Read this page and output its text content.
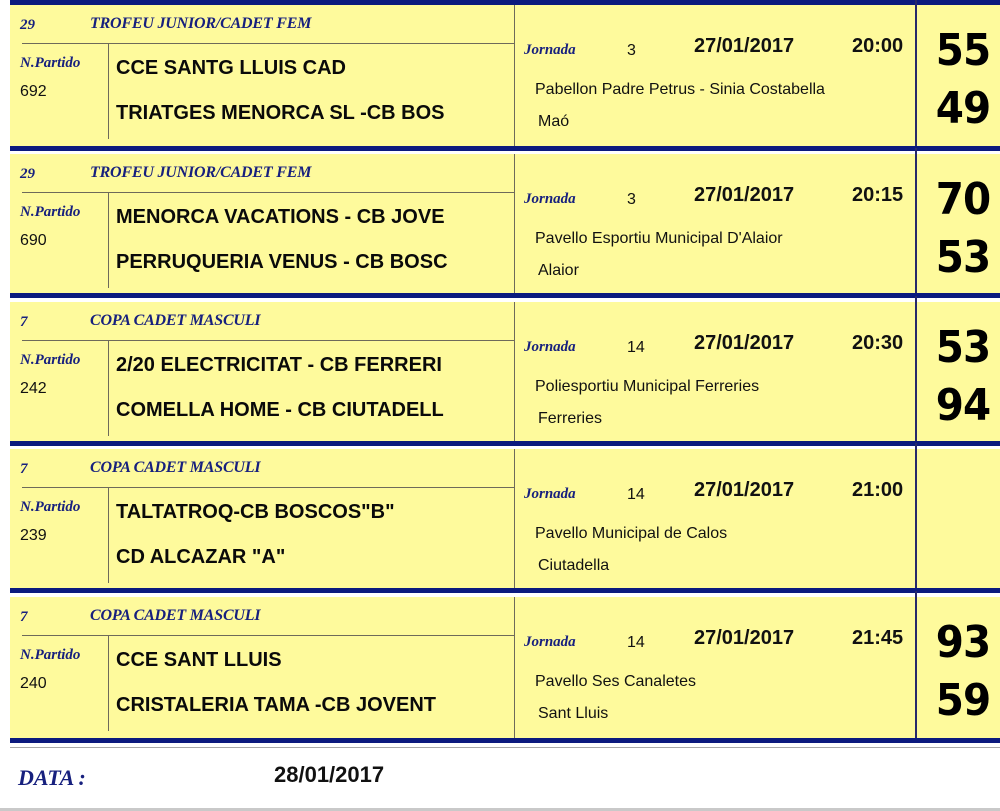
29	TROFEU JUNIOR/CADET FEM
N.Partido
692
CCE SANTG LLUIS CAD
TRIATGES MENORCA SL -CB BOS
Jornada	3	27/01/2017	20:00
Pabellon Padre Petrus - Sinia Costabella
Maó
55
49
29	TROFEU JUNIOR/CADET FEM
N.Partido
690
MENORCA VACATIONS - CB JOVE
PERRUQUERIA VENUS - CB BOSC
Jornada	3	27/01/2017	20:15
Pavello Esportiu Municipal D'Alaior
Alaior
70
53
7	COPA CADET MASCULI
N.Partido
242
2/20 ELECTRICITAT - CB FERRERI
COMELLA HOME - CB CIUTADELL
Jornada	14 27/01/2017	20:30
Poliesportiu Municipal Ferreries
Ferreries
53
94
7	COPA CADET MASCULI
N.Partido
239
TALTATROQ-CB BOSCOS"B"
CD ALCAZAR "A"
Jornada	14 27/01/2017	21:00
Pavello Municipal de Calos
Ciutadella
7	COPA CADET MASCULI
N.Partido
240
CCE SANT LLUIS
CRISTALERIA TAMA -CB JOVENT
Jornada	14 27/01/2017	21:45
Pavello Ses Canaletes
Sant Lluis
93
59
DATA :	28/01/2017
